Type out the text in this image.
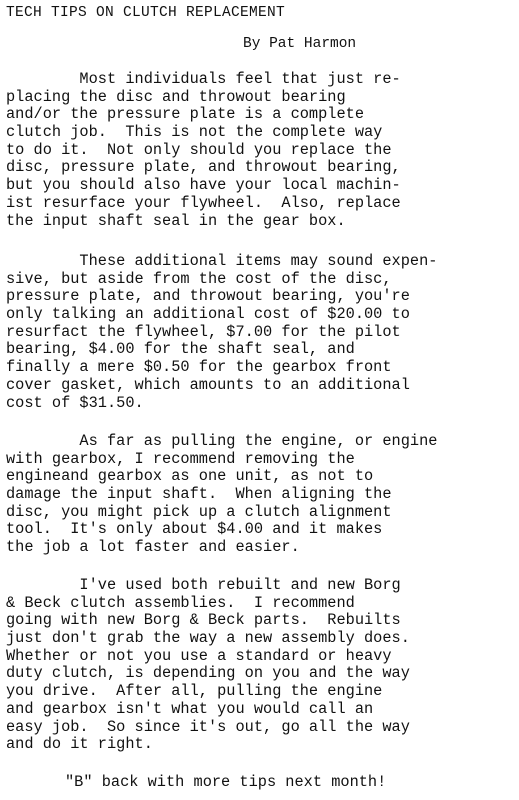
TECH TIPS ON CLUTCH REPLACEMENT
By Pat Harmon
Most individuals feel that just re-
placing the disc and throwout bearing
and/or the pressure plate is a complete
clutch job.  This is not the complete way
to do it.  Not only should you replace the
disc, pressure plate, and throwout bearing,
but you should also have your local machin-
ist resurface your flywheel.  Also, replace
the input shaft seal in the gear box.
These additional items may sound expen-
sive, but aside from the cost of the disc,
pressure plate, and throwout bearing, you're
only talking an additional cost of $20.00 to
resurfact the flywheel, $7.00 for the pilot
bearing, $4.00 for the shaft seal, and
finally a mere $0.50 for the gearbox front
cover gasket, which amounts to an additional
cost of $31.50.
As far as pulling the engine, or engine
with gearbox, I recommend removing the
engineand gearbox as one unit, as not to
damage the input shaft.  When aligning the
disc, you might pick up a clutch alignment
tool.  It's only about $4.00 and it makes
the job a lot faster and easier.
I've used both rebuilt and new Borg
& Beck clutch assemblies.  I recommend
going with new Borg & Beck parts.  Rebuilts
just don't grab the way a new assembly does.
Whether or not you use a standard or heavy
duty clutch, is depending on you and the way
you drive.  After all, pulling the engine
and gearbox isn't what you would call an
easy job.  So since it's out, go all the way
and do it right.
"B" back with more tips next month!
